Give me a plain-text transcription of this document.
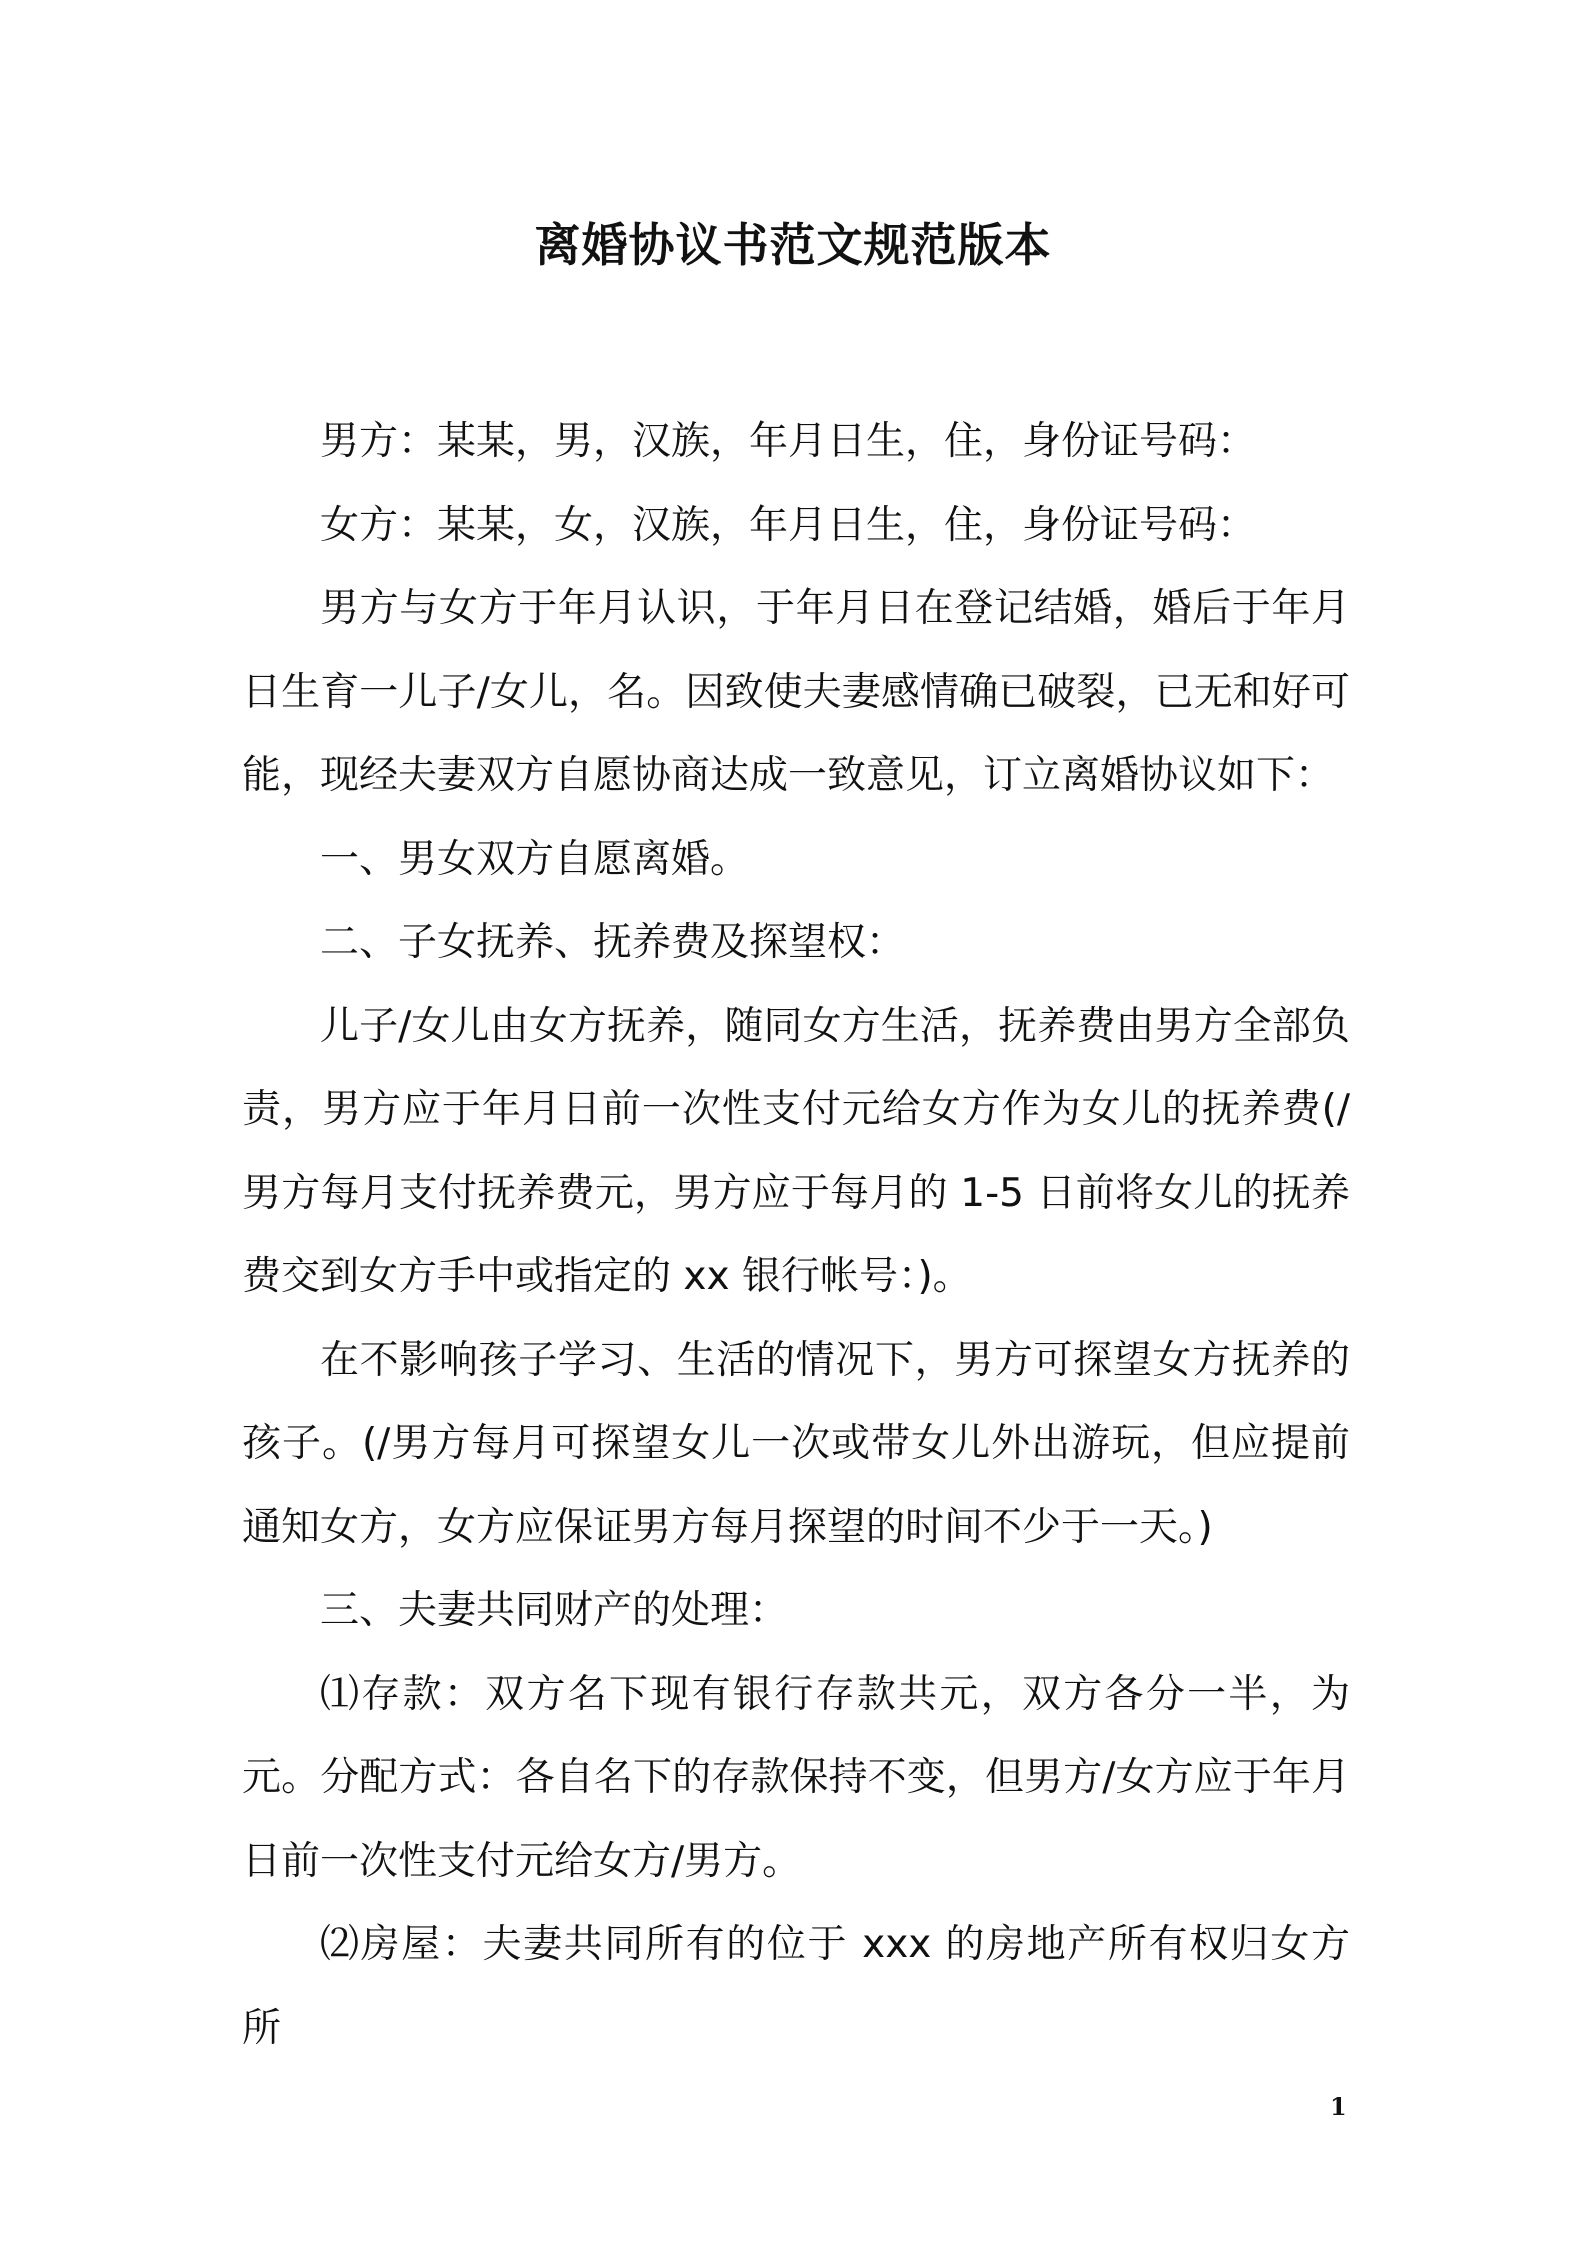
离婚协议书范文规范版本

男方：某某，男，汉族，年月日生，住，身份证号码：

女方：某某，女，汉族，年月日生，住，身份证号码：

男方与女方于年月认识，于年月日在登记结婚，婚后于年月日生育一儿子/女儿，名。因致使夫妻感情确已破裂，已无和好可能，现经夫妻双方自愿协商达成一致意见，订立离婚协议如下：

一、男女双方自愿离婚。

二、子女抚养、抚养费及探望权：

儿子/女儿由女方抚养，随同女方生活，抚养费由男方全部负责，男方应于年月日前一次性支付元给女方作为女儿的抚养费(/男方每月支付抚养费元，男方应于每月的 1-5 日前将女儿的抚养费交到女方手中或指定的 xx 银行帐号：)。

在不影响孩子学习、生活的情况下，男方可探望女方抚养的孩子。(/男方每月可探望女儿一次或带女儿外出游玩，但应提前通知女方，女方应保证男方每月探望的时间不少于一天。)

三、夫妻共同财产的处理：

⑴存款：双方名下现有银行存款共元，双方各分一半，为元。分配方式：各自名下的存款保持不变，但男方/女方应于年月日前一次性支付元给女方/男方。

⑵房屋：夫妻共同所有的位于 xxx 的房地产所有权归女方所

1
